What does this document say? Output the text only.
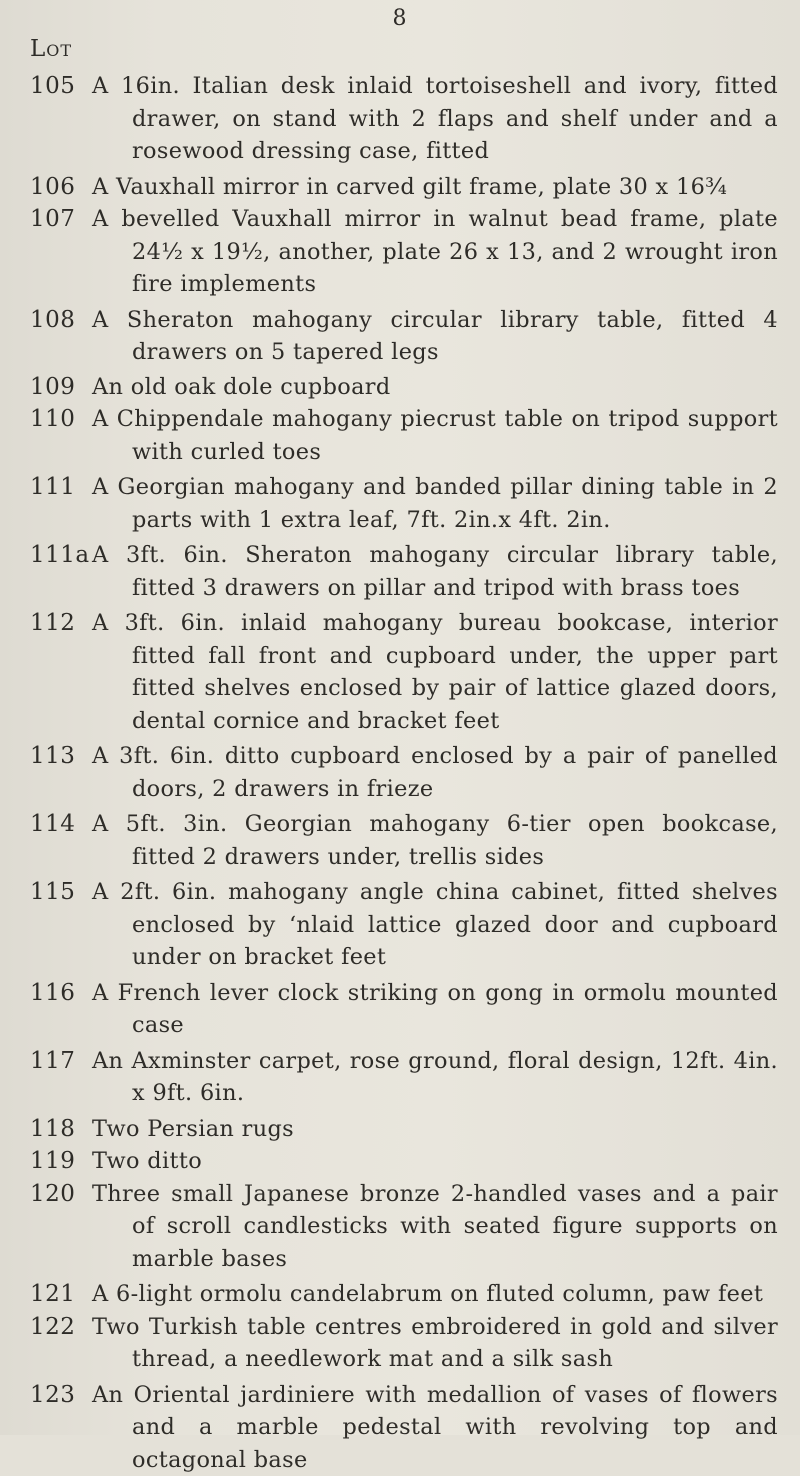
8
Lot
105 A 16in. Italian desk inlaid tortoiseshell and ivory, fitted drawer, on stand with 2 flaps and shelf under and a rosewood dressing case, fitted
106 A Vauxhall mirror in carved gilt frame, plate 30 x 16¾
107 A bevelled Vauxhall mirror in walnut bead frame, plate 24½ x 19½, another, plate 26 x 13, and 2 wrought iron fire implements
108 A Sheraton mahogany circular library table, fitted 4 drawers on 5 tapered legs
109 An old oak dole cupboard
110 A Chippendale mahogany piecrust table on tripod support with curled toes
111 A Georgian mahogany and banded pillar dining table in 2 parts with 1 extra leaf, 7ft. 2in.x 4ft. 2in.
111a A 3ft. 6in. Sheraton mahogany circular library table, fitted 3 drawers on pillar and tripod with brass toes
112 A 3ft. 6in. inlaid mahogany bureau bookcase, interior fitted fall front and cupboard under, the upper part fitted shelves enclosed by pair of lattice glazed doors, dental cornice and bracket feet
113 A 3ft. 6in. ditto cupboard enclosed by a pair of panelled doors, 2 drawers in frieze
114 A 5ft. 3in. Georgian mahogany 6-tier open bookcase, fitted 2 drawers under, trellis sides
115 A 2ft. 6in. mahogany angle china cabinet, fitted shelves enclosed by ‘nlaid lattice glazed door and cupboard under on bracket feet
116 A French lever clock striking on gong in ormolu mounted case
117 An Axminster carpet, rose ground, floral design, 12ft. 4in. x 9ft. 6in.
118 Two Persian rugs
119 Two ditto
120 Three small Japanese bronze 2-handled vases and a pair of scroll candlesticks with seated figure supports on marble bases
121 A 6-light ormolu candelabrum on fluted column, paw feet
122 Two Turkish table centres embroidered in gold and silver thread, a needlework mat and a silk sash
123 An Oriental jardiniere with medallion of vases of flowers and a marble pedestal with revolving top and octagonal base
